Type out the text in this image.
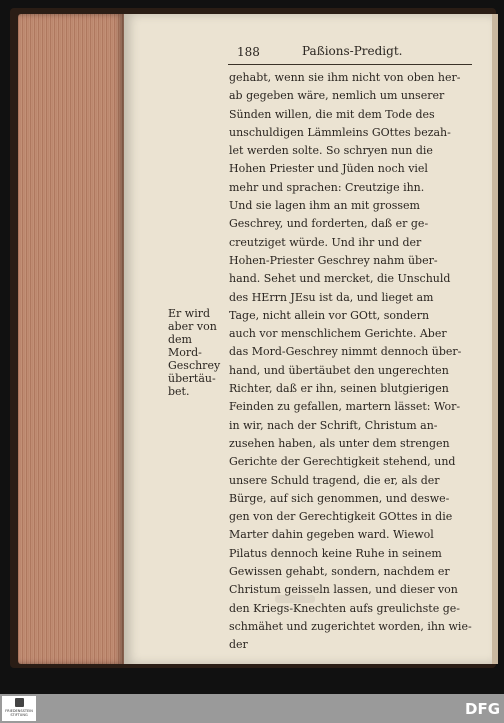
188	Paßions-Predigt.
Er wird
aber von
dem
Mord-
Geschrey
übertäu-
bet.
gehabt, wenn sie ihm nicht von oben her-
ab gegeben wäre, nemlich um unserer
Sünden willen, die mit dem Tode des
unschuldigen Lämmleins GOttes bezah-
let werden solte. So schryen nun die
Hohen Priester und Jüden noch viel
mehr und sprachen: Creutzige ihn.
Und sie lagen ihm an mit grossem
Geschrey, und forderten, daß er ge-
creutziget würde. Und ihr und der
Hohen-Priester Geschrey nahm über-
hand. Sehet und mercket, die Unschuld
des HErrn JEsu ist da, und lieget am
Tage, nicht allein vor GOtt, sondern
auch vor menschlichem Gerichte. Aber
das Mord-Geschrey nimmt dennoch über-
hand, und übertäubet den ungerechten
Richter, daß er ihn, seinen blutgierigen
Feinden zu gefallen, martern lässet: Wor-
in wir, nach der Schrift, Christum an-
zusehen haben, als unter dem strengen
Gerichte der Gerechtigkeit stehend, und
unsere Schuld tragend, die er, als der
Bürge, auf sich genommen, und deswe-
gen von der Gerechtigkeit GOttes in die
Marter dahin gegeben ward. Wiewol
Pilatus dennoch keine Ruhe in seinem
Gewissen gehabt, sondern, nachdem er
Christum geisseln lassen, und dieser von
den Kriegs-Knechten aufs greulichste ge-
schmähet und zugerichtet worden, ihn wie-
der
FRIEDENSSTEIN STIFTUNG	DFG
